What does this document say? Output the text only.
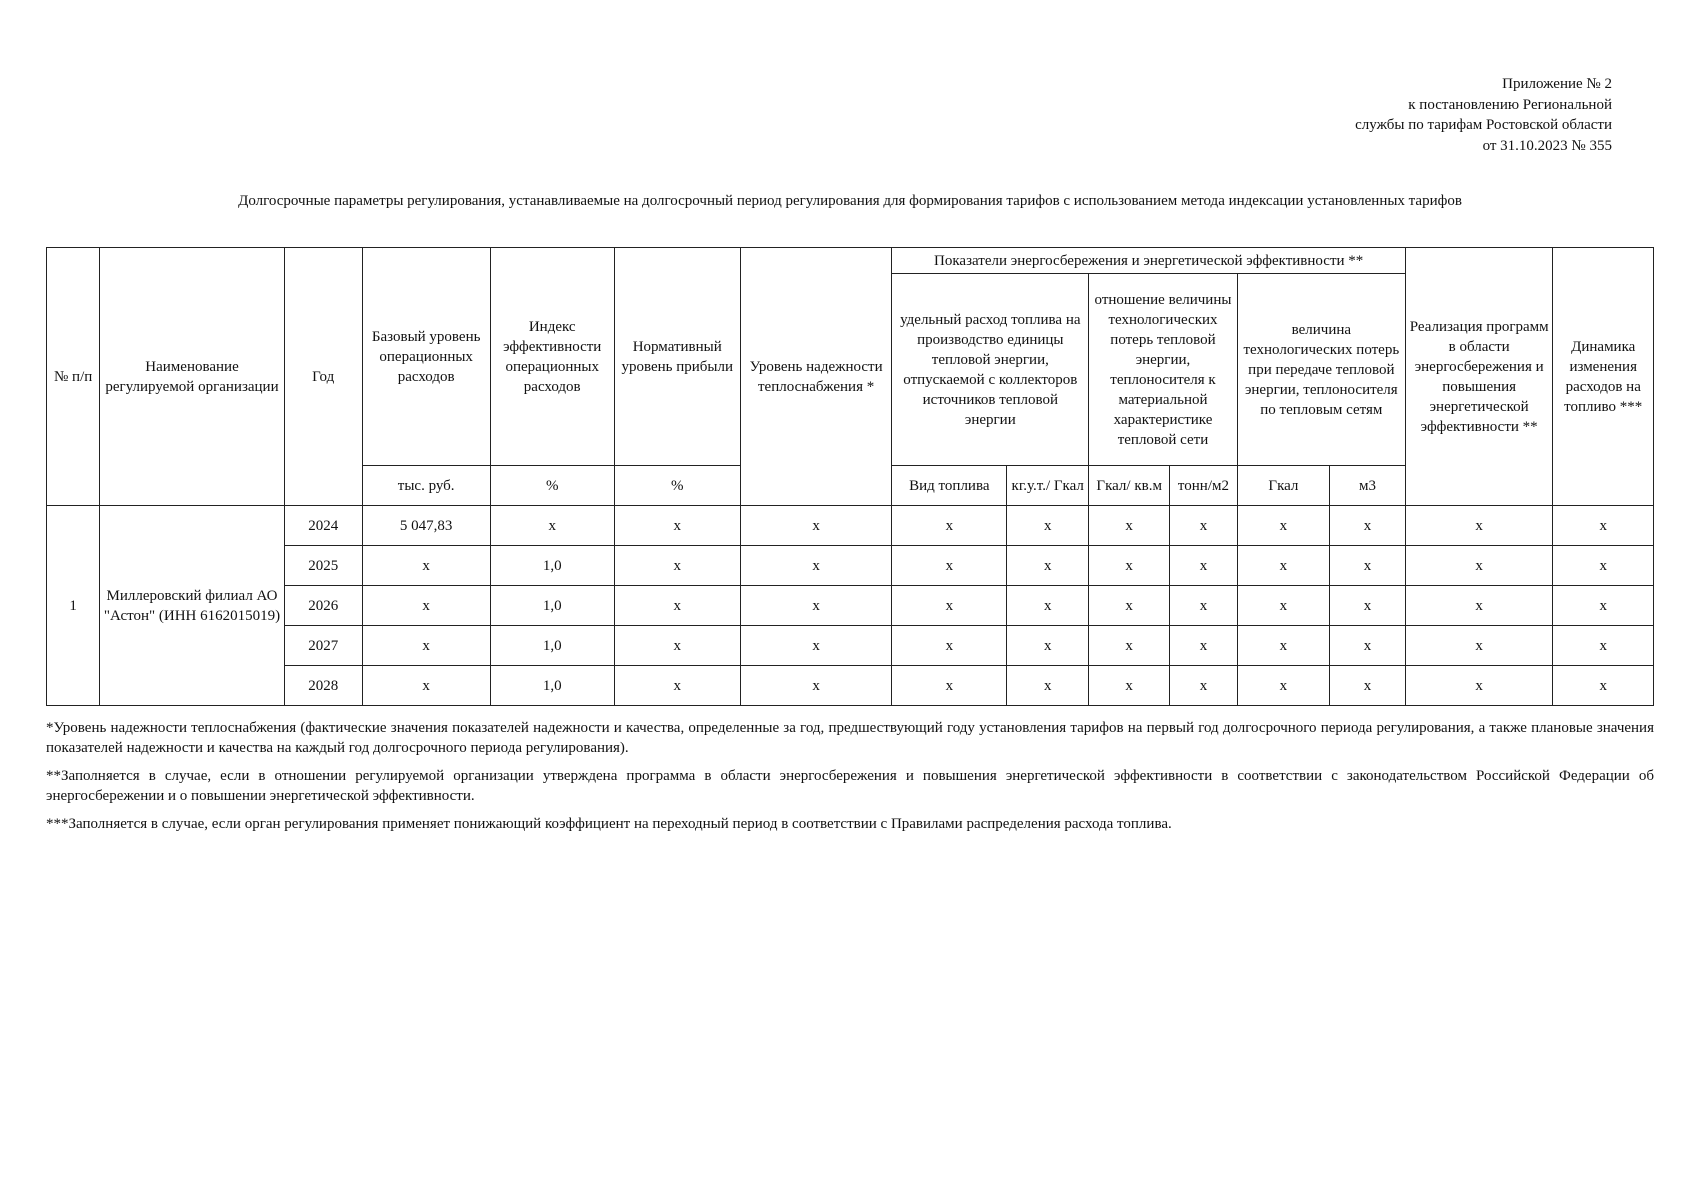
Приложение № 2
к постановлению Региональной
службы по тарифам Ростовской области
от 31.10.2023 № 355
Долгосрочные параметры регулирования, устанавливаемые на долгосрочный период регулирования для формирования тарифов с использованием метода индексации установленных тарифов
№ п/п	Наименование регулируемой организации	Год	Базовый уровень операционных расходов	Индекс эффективности операционных расходов	Нормативный уровень прибыли	Уровень надежности теплоснабжения *	Показатели энергосбережения и энергетической эффективности **						Реализация программ в области энергосбережения и повышения энергетической эффективности **	Динамика изменения расходов на топливо ***
							удельный расход топлива на производство единицы тепловой энергии, отпускаемой с коллекторов источников тепловой энергии		отношение величины технологических потерь тепловой энергии, теплоносителя к материальной характеристике тепловой сети		величина технологических потерь при передаче тепловой энергии, теплоносителя по тепловым сетям			
			тыс. руб.	%	%		Вид топлива	кг.у.т./ Гкал	Гкал/ кв.м	тонн/м2	Гкал	м3		
1	Миллеровский филиал АО "Астон" (ИНН 6162015019)	2024	5 047,83	x	x	x	x	x	x	x	x	x	x	x
		2025	x	1,0	x	x	x	x	x	x	x	x	x	x
		2026	x	1,0	x	x	x	x	x	x	x	x	x	x
		2027	x	1,0	x	x	x	x	x	x	x	x	x	x
		2028	x	1,0	x	x	x	x	x	x	x	x	x	x

*Уровень надежности теплоснабжения (фактические значения показателей надежности и качества, определенные за год, предшествующий году установления тарифов на первый год долгосрочного периода регулирования, а также плановые значения показателей надежности и качества на каждый год долгосрочного периода регулирования).

**Заполняется в случае, если в отношении регулируемой организации утверждена программа в области энергосбережения и повышения энергетической эффективности в соответствии с законодательством Российской Федерации об энергосбережении и о повышении энергетической эффективности.

***Заполняется в случае, если орган регулирования применяет понижающий коэффициент на переходный период в соответствии с Правилами распределения расхода топлива.
